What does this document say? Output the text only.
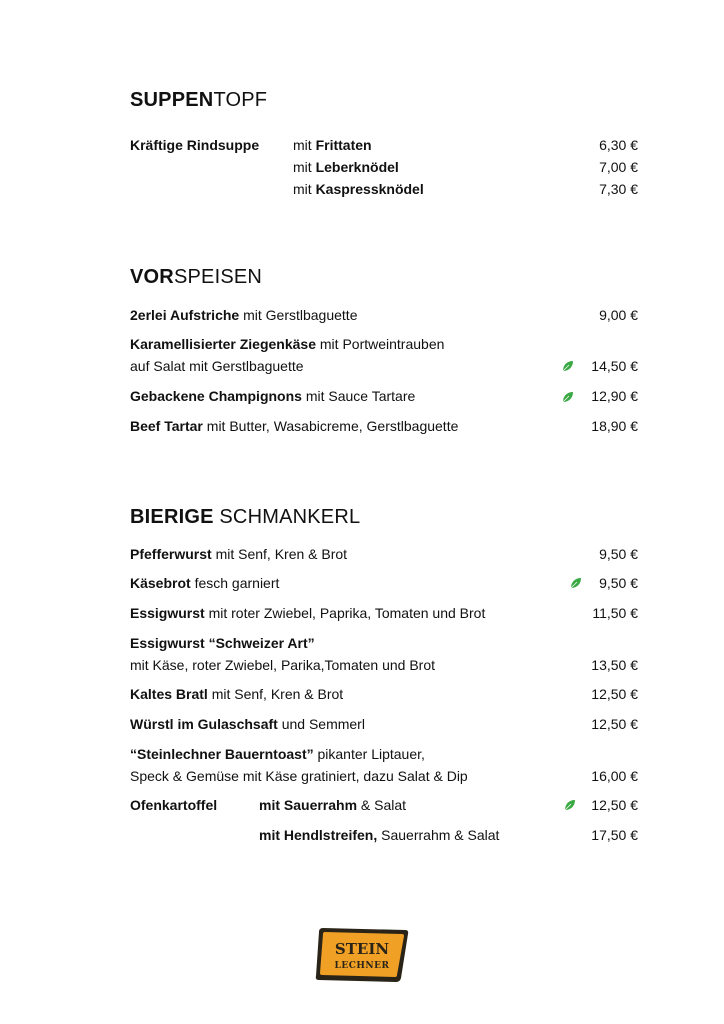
SUPPENTOPF
Kräftige Rindsuppe mit Frittaten	6,30 €
mit Leberknödel	7,00 €
mit Kaspressknödel	7,30 €
VORSPEISEN
2erlei Aufstriche mit Gerstlbaguette	9,00 €
Karamellisierter Ziegenkäse mit Portweintrauben
auf Salat mit Gerstlbaguette	14,50 €
Gebackene Champignons mit Sauce Tartare	12,90 €
Beef Tartar mit Butter, Wasabicreme, Gerstlbaguette	18,90 €
BIERIGE SCHMANKERL
Pfefferwurst mit Senf, Kren & Brot	9,50 €
Käsebrot fesch garniert	9,50 €
Essigwurst mit roter Zwiebel, Paprika, Tomaten und Brot	11,50 €
Essigwurst “Schweizer Art”
mit Käse, roter Zwiebel, Parika,Tomaten und Brot	13,50 €
Kaltes Bratl mit Senf, Kren & Brot	12,50 €
Würstl im Gulaschsaft und Semmerl	12,50 €
“Steinlechner Bauerntoast” pikanter Liptauer,
Speck & Gemüse mit Käse gratiniert, dazu Salat & Dip	16,00 €
Ofenkartoffel	mit Sauerrahm & Salat	12,50 €
mit Hendlstreifen, Sauerrahm & Salat	17,50 €
STEIN
LECHNER
